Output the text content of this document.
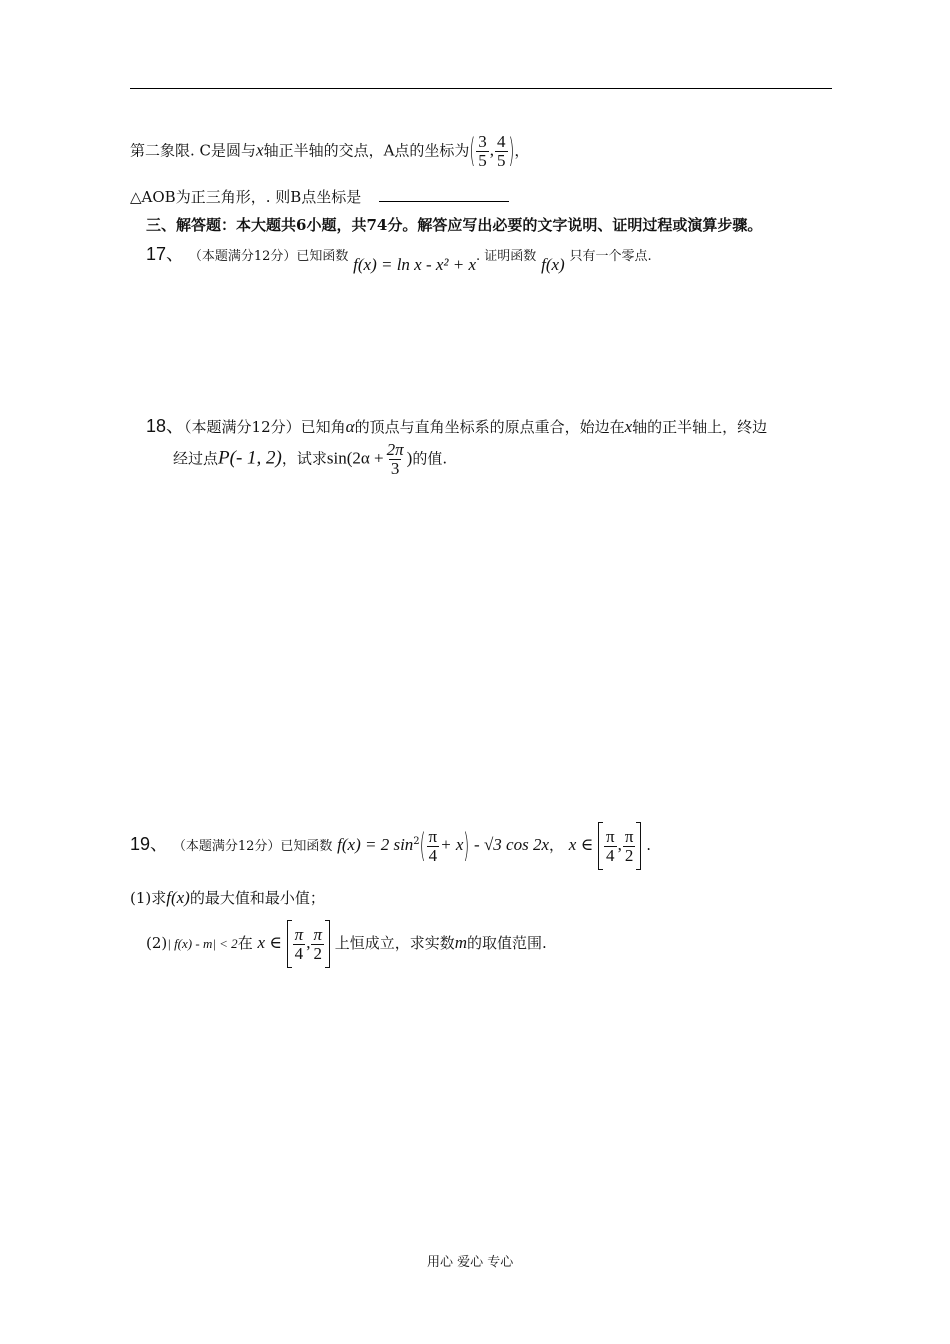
第二象限. C是圆与x轴正半轴的交点，A点的坐标为( $\frac{3}{5}$ , $\frac{4}{5}$ )，
△AOB为正三角形，. 则B点坐标是
三、解答题：本大题共6小题，共74分。解答应写出必要的文字说明、证明过程或演算步骤。
17、 （本题满分12分）已知函数 f(x) = ln x - x² + x. 证明函数 f(x) 只有一个零点.
18、（本题满分12分）已知角α的顶点与直角坐标系的原点重合，始边在x轴的正半轴上，终边
经过点P(- 1, 2)，试求$\sin(2\alpha + \frac{2\pi}{3}$ )的值.
19、 （本题满分12分）已知函数 f(x) = 2 $\sin^2( \frac{\pi}{4} + x) - √3$ cos 2x， x ∈ $\frac{\pi}{4}$ , $\frac{\pi}{2}$ .
(1)求f(x)的最大值和最小值；
(2)| f(x) - m| < 2在 x ∈ $\frac{\pi}{4}$ , $\frac{\pi}{2}$ 上恒成立，求实数m的取值范围.
用心 爱心 专心
